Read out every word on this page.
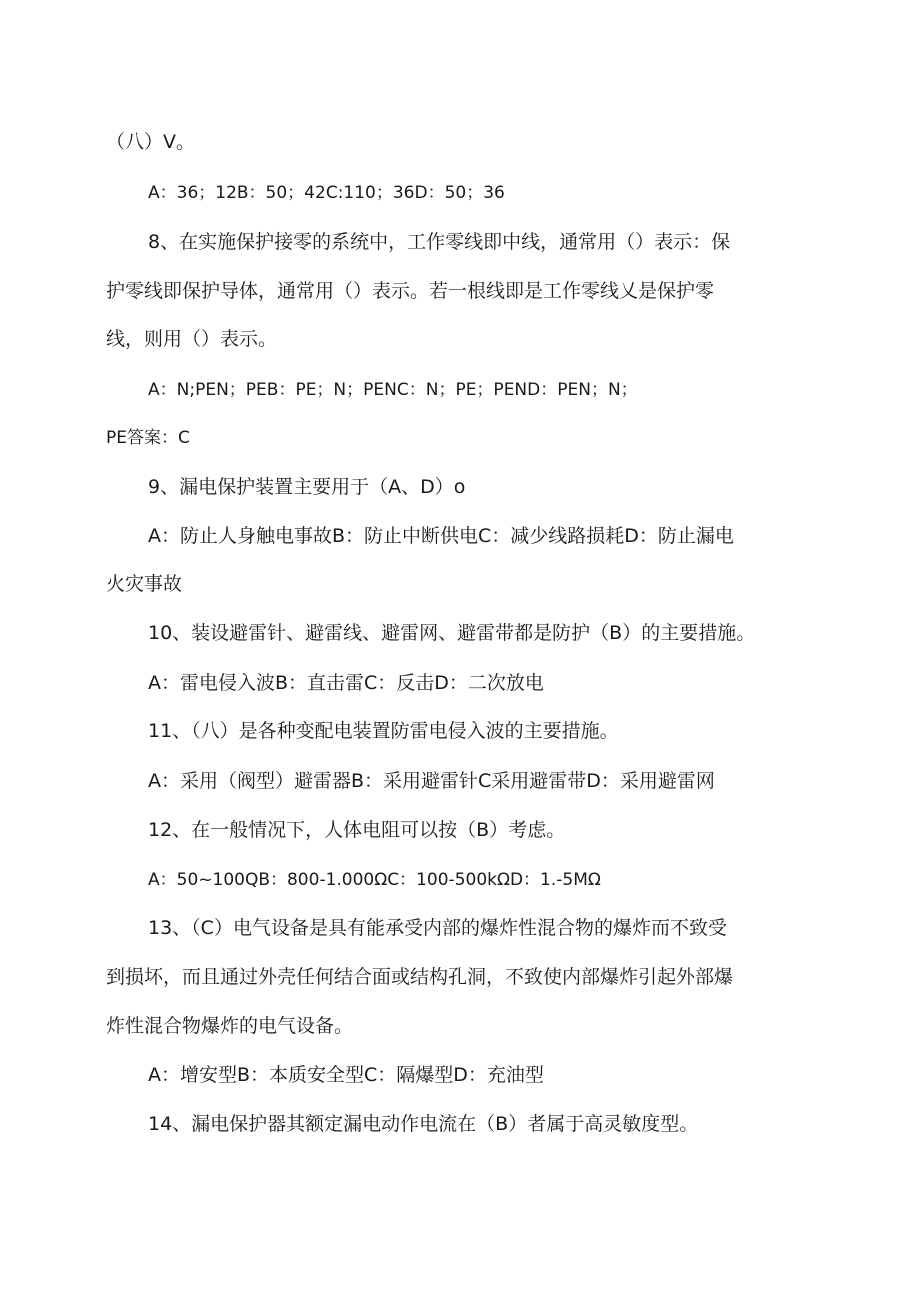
（八）V。
A：36；12B：50；42C:110；36D：50；36
8、在实施保护接零的系统中，工作零线即中线，通常用（）表示：保
护零线即保护导体，通常用（）表示。若一根线即是工作零线乂是保护零
线，则用（）表示。
A：N;PEN；PEB：PE；N；PENC：N；PE；PEND：PEN；N；
PE答案：C
9、漏电保护装置主要用于（A、D）o
A：防止人身触电事故B：防止中断供电C：减少线路损耗D：防止漏电
火灾事故
10、装设避雷针、避雷线、避雷网、避雷带都是防护（B）的主要措施。
A：雷电侵入波B：直击雷C：反击D：二次放电
11、（八）是各种变配电装置防雷电侵入波的主要措施。
A：采用（阀型）避雷器B：采用避雷针C采用避雷带D：采用避雷网
12、在一般情况下，人体电阻可以按（B）考虑。
A：50~100QB：800-1.000ΩC：100-500kΩD：1.-5MΩ
13、（C）电气设备是具有能承受内部的爆炸性混合物的爆炸而不致受
到损坏，而且通过外壳任何结合面或结构孔洞，不致使内部爆炸引起外部爆
炸性混合物爆炸的电气设备。
A：增安型B：本质安全型C：隔爆型D：充油型
14、漏电保护器其额定漏电动作电流在（B）者属于高灵敏度型。
